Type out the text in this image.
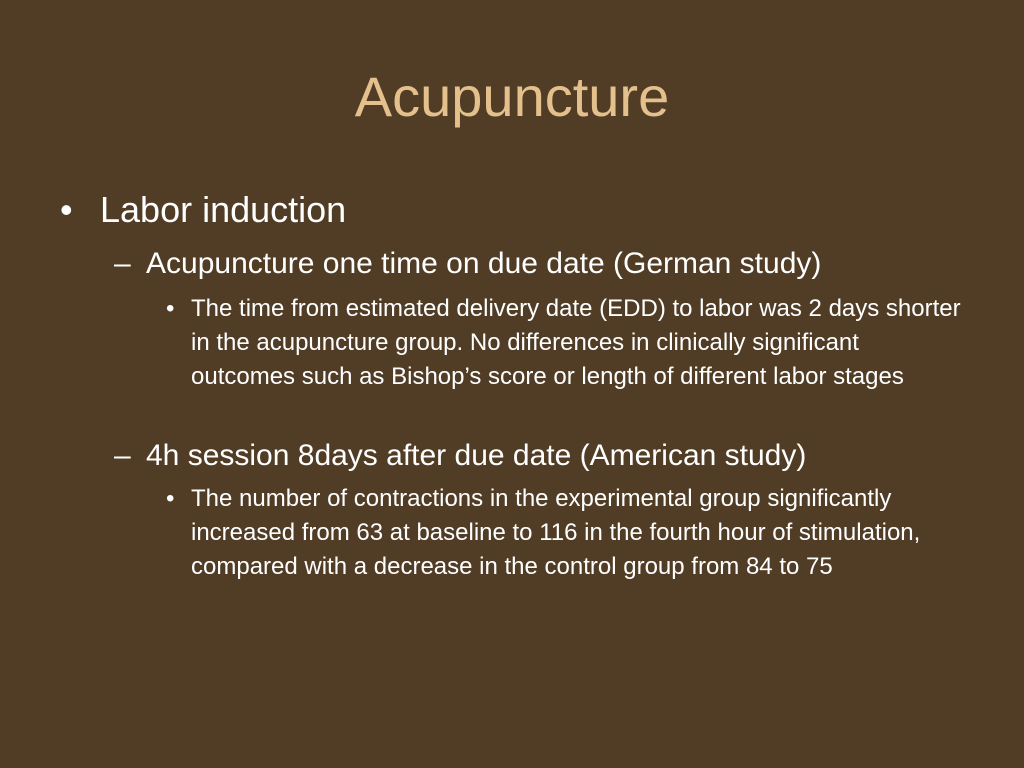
Acupuncture
• Labor induction
– Acupuncture one time on due date (German study)
• The time from estimated delivery date (EDD) to labor was 2 days shorter in the acupuncture group. No differences in clinically significant outcomes such as Bishop’s score or length of different labor stages
– 4h session 8days after due date (American study)
• The number of contractions in the experimental group significantly increased from 63 at baseline to 116 in the fourth hour of stimulation, compared with a decrease in the control group from 84 to 75
